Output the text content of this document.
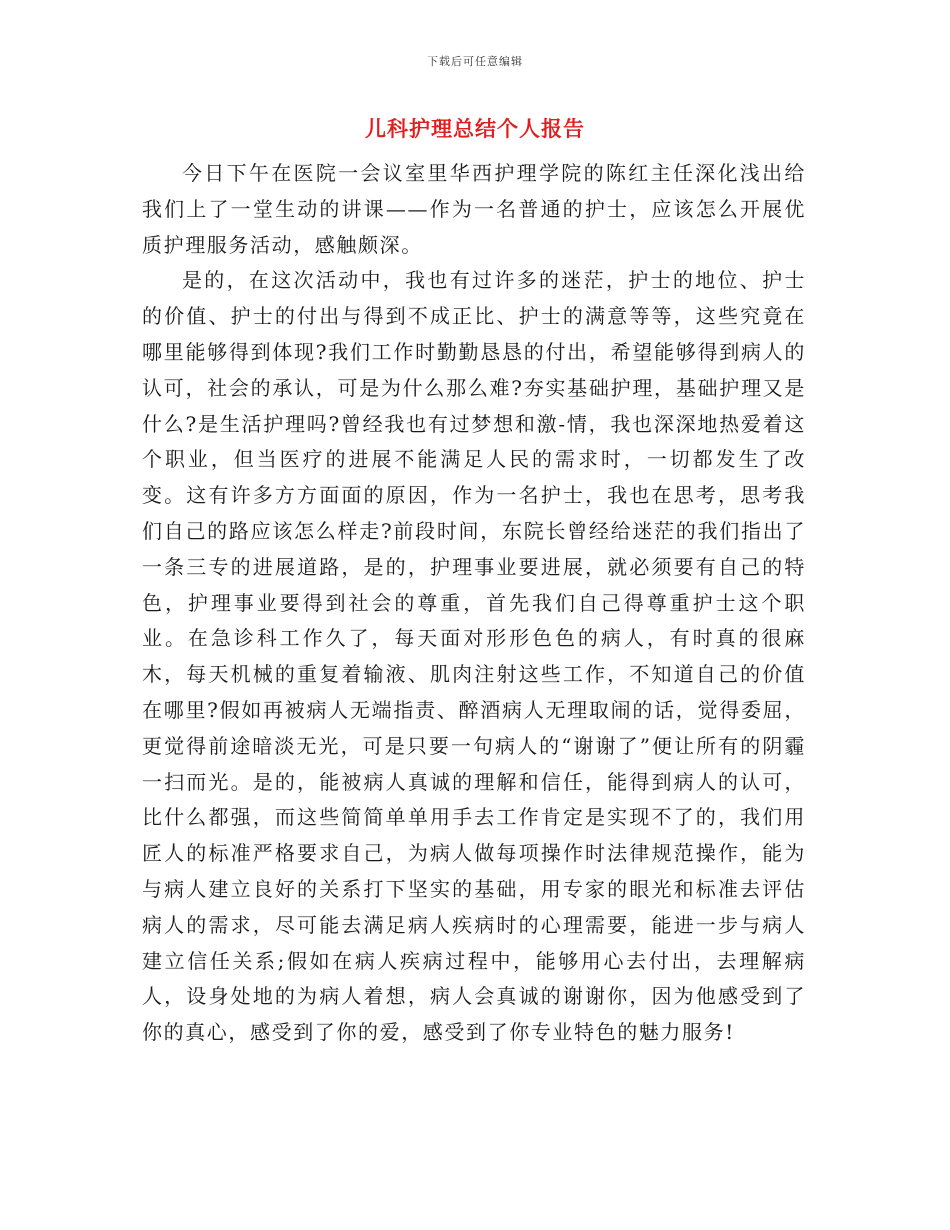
下载后可任意编辑
儿科护理总结个人报告

今日下午在医院一会议室里华西护理学院的陈红主任深化浅出给我们上了一堂生动的讲课——作为一名普通的护士，应该怎么开展优质护理服务活动，感触颇深。

是的，在这次活动中，我也有过许多的迷茫，护士的地位、护士的价值、护士的付出与得到不成正比、护士的满意等等，这些究竟在哪里能够得到体现?我们工作时勤勤恳恳的付出，希望能够得到病人的认可，社会的承认，可是为什么那么难?夯实基础护理，基础护理又是什么?是生活护理吗?曾经我也有过梦想和激-情，我也深深地热爱着这个职业，但当医疗的进展不能满足人民的需求时，一切都发生了改变。这有许多方方面面的原因，作为一名护士，我也在思考，思考我们自己的路应该怎么样走?前段时间，东院长曾经给迷茫的我们指出了一条三专的进展道路，是的，护理事业要进展，就必须要有自己的特色，护理事业要得到社会的尊重，首先我们自己得尊重护士这个职业。在急诊科工作久了，每天面对形形色色的病人，有时真的很麻木，每天机械的重复着输液、肌肉注射这些工作，不知道自己的价值在哪里?假如再被病人无端指责、醉酒病人无理取闹的话，觉得委屈，更觉得前途暗淡无光，可是只要一句病人的“谢谢了”便让所有的阴霾一扫而光。是的，能被病人真诚的理解和信任，能得到病人的认可，比什么都强，而这些简简单单用手去工作肯定是实现不了的，我们用匠人的标准严格要求自己，为病人做每项操作时法律规范操作，能为与病人建立良好的关系打下坚实的基础，用专家的眼光和标准去评估病人的需求，尽可能去满足病人疾病时的心理需要，能进一步与病人建立信任关系;假如在病人疾病过程中，能够用心去付出，去理解病人，设身处地的为病人着想，病人会真诚的谢谢你，因为他感受到了你的真心，感受到了你的爱，感受到了你专业特色的魅力服务!
